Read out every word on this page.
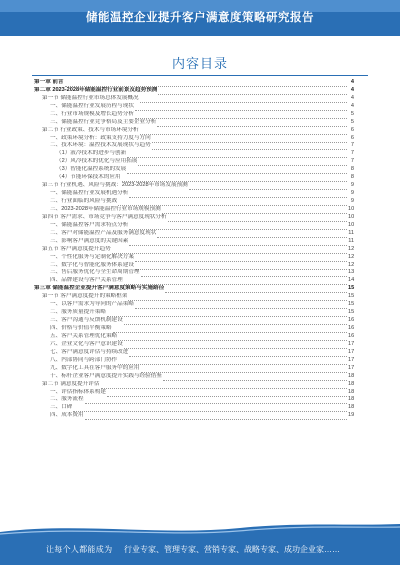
储能温控企业提升客户满意度策略研究报告
内容目录
第一章 前言	4
第二章 2023-2028年储能温控行业前景及趋势预测	4
第一节 储能温控行业市场总体发展概况	4
一、储能温控行业发展历程与现状	4
二、行业市场规模及增长趋势分析	5
三、储能温控行业竞争格局及主要企业分析	5
第二节 行业政策、技术与市场环境分析	6
一、政策环境分析：政策支持力度与方向	6
二、技术环境：温控技术发展现状与趋势	7
（1）液冷技术的进步与创新	7
（2）风冷技术的优化与应用拓展	7
（3）智能化温控系统的发展	8
（4）节能环保技术的应用	8
第三节 行业机遇、风险与挑战：2023-2028年市场发展预测	9
一、储能温控行业发展机遇分析	9
二、行业面临的风险与挑战	9
三、2023-2028年储能温控行业市场规模预测	10
第四节 客户需求、市场竞争与客户满意度现状分析	10
一、储能温控客户需求特点分析	10
二、客户对储能温控产品及服务满意度现状	11
三、影响客户满意度的关键因素	11
第五节 客户满意度提升趋势	12
一、个性化服务与定制化解决方案	12
二、数字化与智能化服务体系建设	12
三、售后服务优化与全生命周期管理	13
四、品牌建设与客户关系管理	14
第三章 储能温控企业提升客户满意度策略与实施路径	15
第一节 客户满意度提升的策略框架	15
一、以客户需求为导向的产品策略	15
二、服务质量提升策略	15
三、客户沟通与反馈机制建设	16
四、价格与价值平衡策略	16
五、客户关系管理优化策略	16
六、企业文化与客户意识建设	17
七、客户满意度评估与持续改进	17
八、内部协同与跨部门协作	17
九、数字化工具在客户服务中的应用	17
十、标杆企业客户满意度提升实践与经验借鉴	18
第二节 满意度提升评估	18
一、评估指标体系构建	18
二、服务流程	18
三、口碑	18
四、成本费用	19
让每个人都能成为 行业专家、管理专家、营销专家、战略专家、成功企业家……
